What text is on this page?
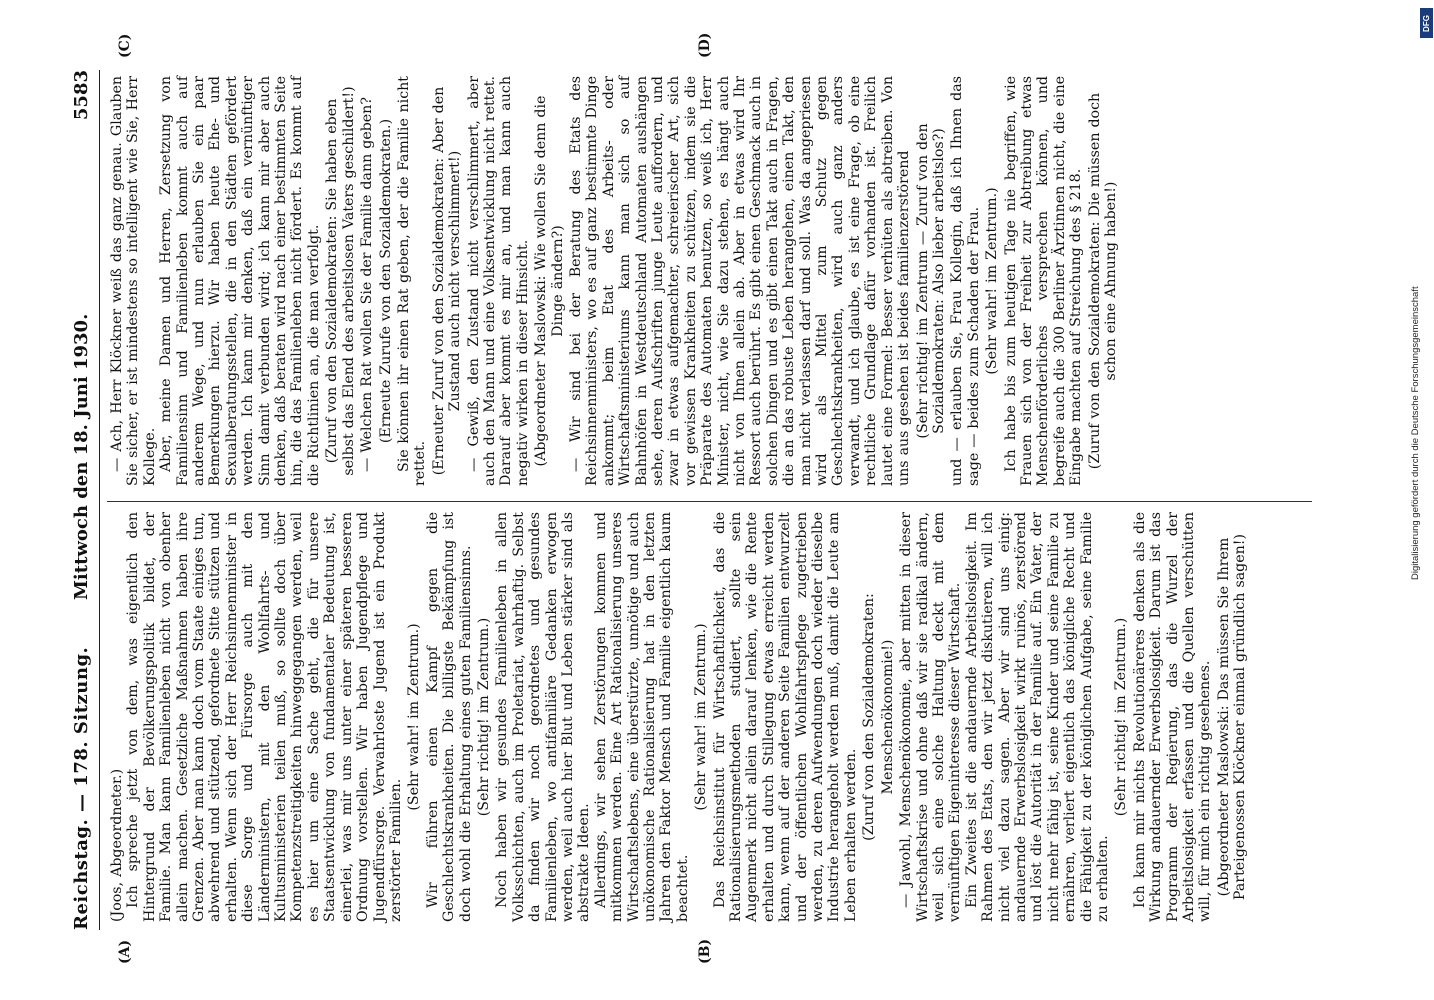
Reichstag. — 178. Sitzung.
Mittwoch den 18. Juni 1930.
5583
(A)	(B)
(C)	(D)

(Joos, Abgeordneter.) Ich spreche jetzt von dem, was eigentlich den Hintergrund der Bevölkerungspolitik bildet, der Familie. Man kann Familienleben nicht von obenher allein machen. Gesetzliche Maßnahmen haben ihre Grenzen. Aber man kann doch vom Staate einiges tun, abwehrend und stützend, gefordnete Sitte stützen und erhalten. Wenn sich der Herr Reichsinnenminister in diese Sorge und Fürsorge auch mit den Länderministern, mit den Wohlfahrts- und Kultusministerien teilen muß, so sollte doch über Kompetenzstreitigkeiten hinweggegangen werden, weil es hier um eine Sache geht, die für unsere Staatsentwicklung von fundamentaler Bedeutung ist, einerlei, was mir uns unter einer späteren besseren Ordnung vorstellen. Wir haben Jugendpflege und Jugendfürsorge. Verwahrloste Jugend ist ein Produkt zerstörter Familien.

(Sehr wahr! im Zentrum.) Wir führen einen Kampf gegen die Geschlechtskrankheiten. Die billigste Bekämpfung ist doch wohl die Erhaltung eines guten Familiensinns. (Sehr richtig! im Zentrum.) Noch haben wir gesundes Familienleben in allen Volksschichten, auch im Proletariat, wahrhaftig. Selbst da finden wir noch geordnetes und gesundes Familienleben, wo antifamiliäre Gedanken erwogen werden, weil auch hier Blut und Leben stärker sind als abstrakte Ideen. Allerdings, wir sehen Zerstörungen kommen und mitkommen werden. Eine Art Rationalisierung unseres Wirtschaftslebens, eine überstürzte, unnötige und auch unökonomische Rationalisierung hat in den letzten Jahren den Faktor Mensch und Familie eigentlich kaum beachtet.

(Sehr wahr! im Zentrum.) Das Reichsinstitut für Wirtschaftlichkeit, das die Rationalisierungsmethoden studiert, sollte sein Augenmerk nicht allein darauf lenken, wie die Rente erhalten und durch Stillegung etwas erreicht werden kann, wenn auf der anderen Seite Familien entwurzelt und der öffentlichen Wohlfahrtspflege zugetrieben werden, zu deren Aufwendungen doch wieder dieselbe Industrie herangeholt werden muß, damit die Leute am Leben erhalten werden. (Zuruf von den Sozialdemokraten: Menschenökonomie!) — Jawohl, Menschenökonomie, aber mitten in dieser Wirtschaftskrise und ohne daß wir sie radikal ändern, weil sich eine solche Haltung deckt mit dem vernünftigen Eigeninteresse dieser Wirtschaft. Ein Zweites ist die andauernde Arbeitslosigkeit. Im Rahmen des Etats, den wir jetzt diskutieren, will ich nicht viel dazu sagen. Aber wir sind uns einig: andauernde Erwerbslosigkeit wirkt ruinös, zerstörend und löst die Autorität in der Familie auf. Ein Vater, der nicht mehr fähig ist, seine Kinder und seine Familie zu ernähren, verliert eigentlich das königliche Recht und die Fähigkeit zu der königlichen Aufgabe, seine Familie zu erhalten.

(Sehr richtig! im Zentrum.) Ich kann mir nichts Revolutionäreres denken als die Wirkung andauernder Erwerbslosigkeit. Darum ist das Programm der Regierung, das die Wurzel der Arbeitslosigkeit erfassen und die Quellen verschütten will, für mich ein richtig gesehenes. (Abgeordneter Maslowski: Das müssen Sie Ihrem Parteigenossen Klöckner einmal gründlich sagen!)

— Ach, Herr Klöckner weiß das ganz genau. Glauben Sie sicher, er ist mindestens so intelligent wie Sie, Herr Kollege. Aber, meine Damen und Herren, Zersetzung von Familiensinn und Familienleben kommt auch auf anderem Wege, und nun erlauben Sie ein paar Bemerkungen hierzu. Wir haben heute Ehe- und Sexualberatungsstellen, die in den Städten gefördert werden. Ich kann mir denken, daß ein vernünftiger Sinn damit verbunden wird; ich kann mir aber auch denken, daß beraten wird nach einer bestimmten Seite hin, die das Familienleben nicht fördert. Es kommt auf die Richtlinien an, die man verfolgt. (Zuruf von den Sozialdemokraten: Sie haben eben selbst das Elend des arbeitslosen Vaters geschildert!) — Welchen Rat wollen Sie der Familie dann geben? (Erneute Zurufe von den Sozialdemokraten.) Sie können ihr einen Rat geben, der die Familie nicht rettet. (Erneuter Zuruf von den Sozialdemokraten: Aber den Zustand auch nicht verschlimmert!) — Gewiß, den Zustand nicht verschlimmert, aber auch den Mann und eine Volksentwicklung nicht rettet. Darauf aber kommt es mir an, und man kann auch negativ wirken in dieser Hinsicht. (Abgeordneter Maslowski: Wie wollen Sie denn die Dinge ändern?) — Wir sind bei der Beratung des Etats des Reichsinnenministers, wo es auf ganz bestimmte Dinge ankommt; beim Etat des Arbeits- oder Wirtschaftsministeriums kann man sich so auf Bahnhöfen in Westdeutschland Automaten aushängen sehe, deren Aufschriften junge Leute auffordern, und zwar in etwas aufgemachter, schreierischer Art, sich vor gewissen Krankheiten zu schützen, indem sie die Präparate des Automaten benutzen, so weiß ich, Herr Minister, nicht, wie Sie dazu stehen, es hängt auch nicht von Ihnen allein ab. Aber in etwas wird Ihr Ressort auch berührt. Es gibt einen Geschmack auch in solchen Dingen und es gibt einen Takt auch in Fragen, die an das robuste Leben herangehen, einen Takt, den man nicht verlassen darf und soll. Was da angepriesen wird als Mittel zum Schutz gegen Geschlechtskrankheiten, wird auch ganz anders verwandt, und ich glaube, es ist eine Frage, ob eine rechtliche Grundlage dafür vorhanden ist. Freilich lautet eine Formel: Besser verhüten als abtreiben. Von uns aus gesehen ist beides familienzerstörend (Sehr richtig! im Zentrum — Zuruf von den Sozialdemokraten: Also lieber arbeitslos?) und — erlauben Sie, Frau Kollegin, daß ich Ihnen das sage — beides zum Schaden der Frau. (Sehr wahr! im Zentrum.) Ich habe bis zum heutigen Tage nie begriffen, wie Frauen sich von der Freiheit zur Abtreibung etwas Menschenförderliches versprechen können, und begreife auch die 300 Berliner Ärztinnen nicht, die eine Eingabe machten auf Streichung des § 218. (Zuruf von den Sozialdemokraten: Die müssen doch schon eine Ahnung haben!)

Digitalisierung gefördert durch die Deutsche Forschungsgemeinschaft
DFG
